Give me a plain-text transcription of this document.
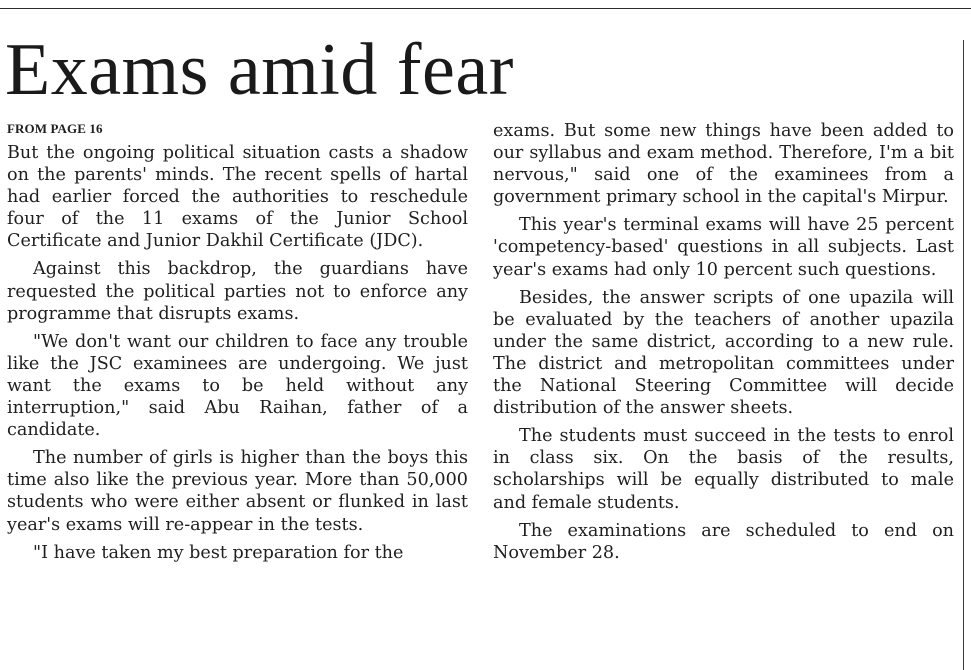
Exams amid fear
FROM PAGE 16

But the ongoing political situation casts a shadow on the parents' minds. The recent spells of hartal had earlier forced the authorities to reschedule four of the 11 exams of the Junior School Certificate and Junior Dakhil Certificate (JDC).

Against this backdrop, the guardians have requested the political parties not to enforce any programme that disrupts exams.

"We don't want our children to face any trouble like the JSC examinees are undergoing. We just want the exams to be held without any interruption," said Abu Raihan, father of a candidate.

The number of girls is higher than the boys this time also like the previous year. More than 50,000 students who were either absent or flunked in last year's exams will re-appear in the tests.

"I have taken my best preparation for the

exams. But some new things have been added to our syllabus and exam method. Therefore, I'm a bit nervous," said one of the examinees from a government primary school in the capital's Mirpur.

This year's terminal exams will have 25 percent 'competency-based' questions in all subjects. Last year's exams had only 10 percent such questions.

Besides, the answer scripts of one upazila will be evaluated by the teachers of another upazila under the same district, according to a new rule. The district and metropolitan committees under the National Steering Committee will decide distribution of the answer sheets.

The students must succeed in the tests to enrol in class six. On the basis of the results, scholarships will be equally distributed to male and female students.

The examinations are scheduled to end on November 28.
